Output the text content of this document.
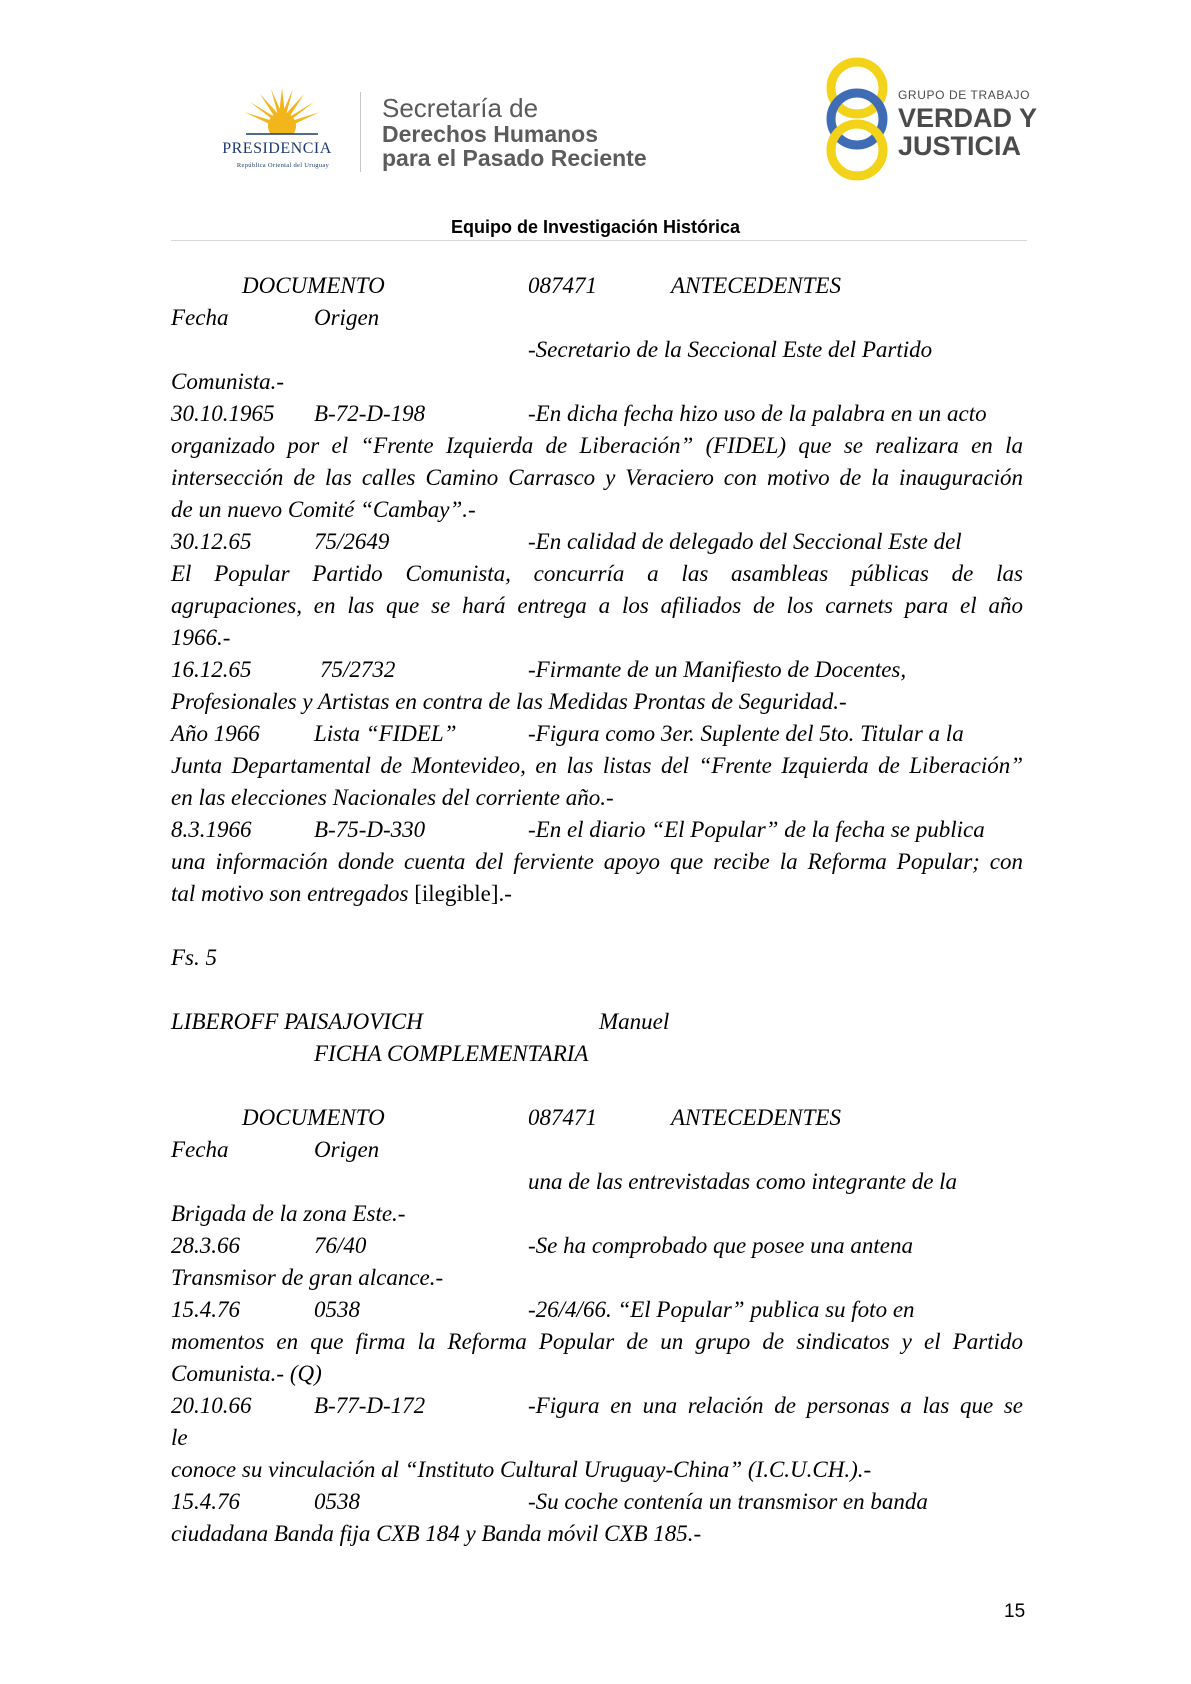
PRESIDENCIA
República Oriental del Uruguay
Secretaría de
Derechos Humanos
para el Pasado Reciente
GRUPO DE TRABAJO
VERDAD Y
JUSTICIA
Equipo de Investigación Histórica
DOCUMENTO	087471	ANTECEDENTES
Fecha	Origen
-Secretario de la Seccional Este del Partido
Comunista.-
30.10.1965 B-72-D-198	-En dicha fecha hizo uso de la palabra en un acto
organizado por el “Frente Izquierda de Liberación” (FIDEL) que se realizara en la
intersección de las calles Camino Carrasco y Veraciero con motivo de la inauguración
de un nuevo Comité “Cambay”.-
30.12.65	75/2649	-En calidad de delegado del Seccional Este del
El Popular Partido Comunista, concurría a las asambleas públicas de las
agrupaciones, en las que se hará entrega a los afiliados de los carnets para el año
1966.-
16.12.65	75/2732	-Firmante de un Manifiesto de Docentes,
Profesionales y Artistas en contra de las Medidas Prontas de Seguridad.-
Año 1966 Lista “FIDEL”	-Figura como 3er. Suplente del 5to. Titular a la
Junta Departamental de Montevideo, en las listas del “Frente Izquierda de Liberación”
en las elecciones Nacionales del corriente año.-
8.3.1966	B-75-D-330	-En el diario “El Popular” de la fecha se publica
una información donde cuenta del ferviente apoyo que recibe la Reforma Popular; con
tal motivo son entregados [ilegible].-
Fs. 5
LIBEROFF PAISAJOVICH	Manuel
FICHA COMPLEMENTARIA
DOCUMENTO	087471	ANTECEDENTES
Fecha	Origen
una de las entrevistadas como integrante de la
Brigada de la zona Este.-
28.3.66	76/40	-Se ha comprobado que posee una antena
Transmisor de gran alcance.-
15.4.76	0538	-26/4/66. “El Popular” publica su foto en
momentos en que firma la Reforma Popular de un grupo de sindicatos y el Partido
Comunista.- (Q)
20.10.66	B-77-D-172	-Figura en una relación de personas a las que se
le
conoce su vinculación al “Instituto Cultural Uruguay-China” (I.C.U.CH.).-
15.4.76	0538	-Su coche contenía un transmisor en banda
ciudadana Banda fija CXB 184 y Banda móvil CXB 185.-
15
